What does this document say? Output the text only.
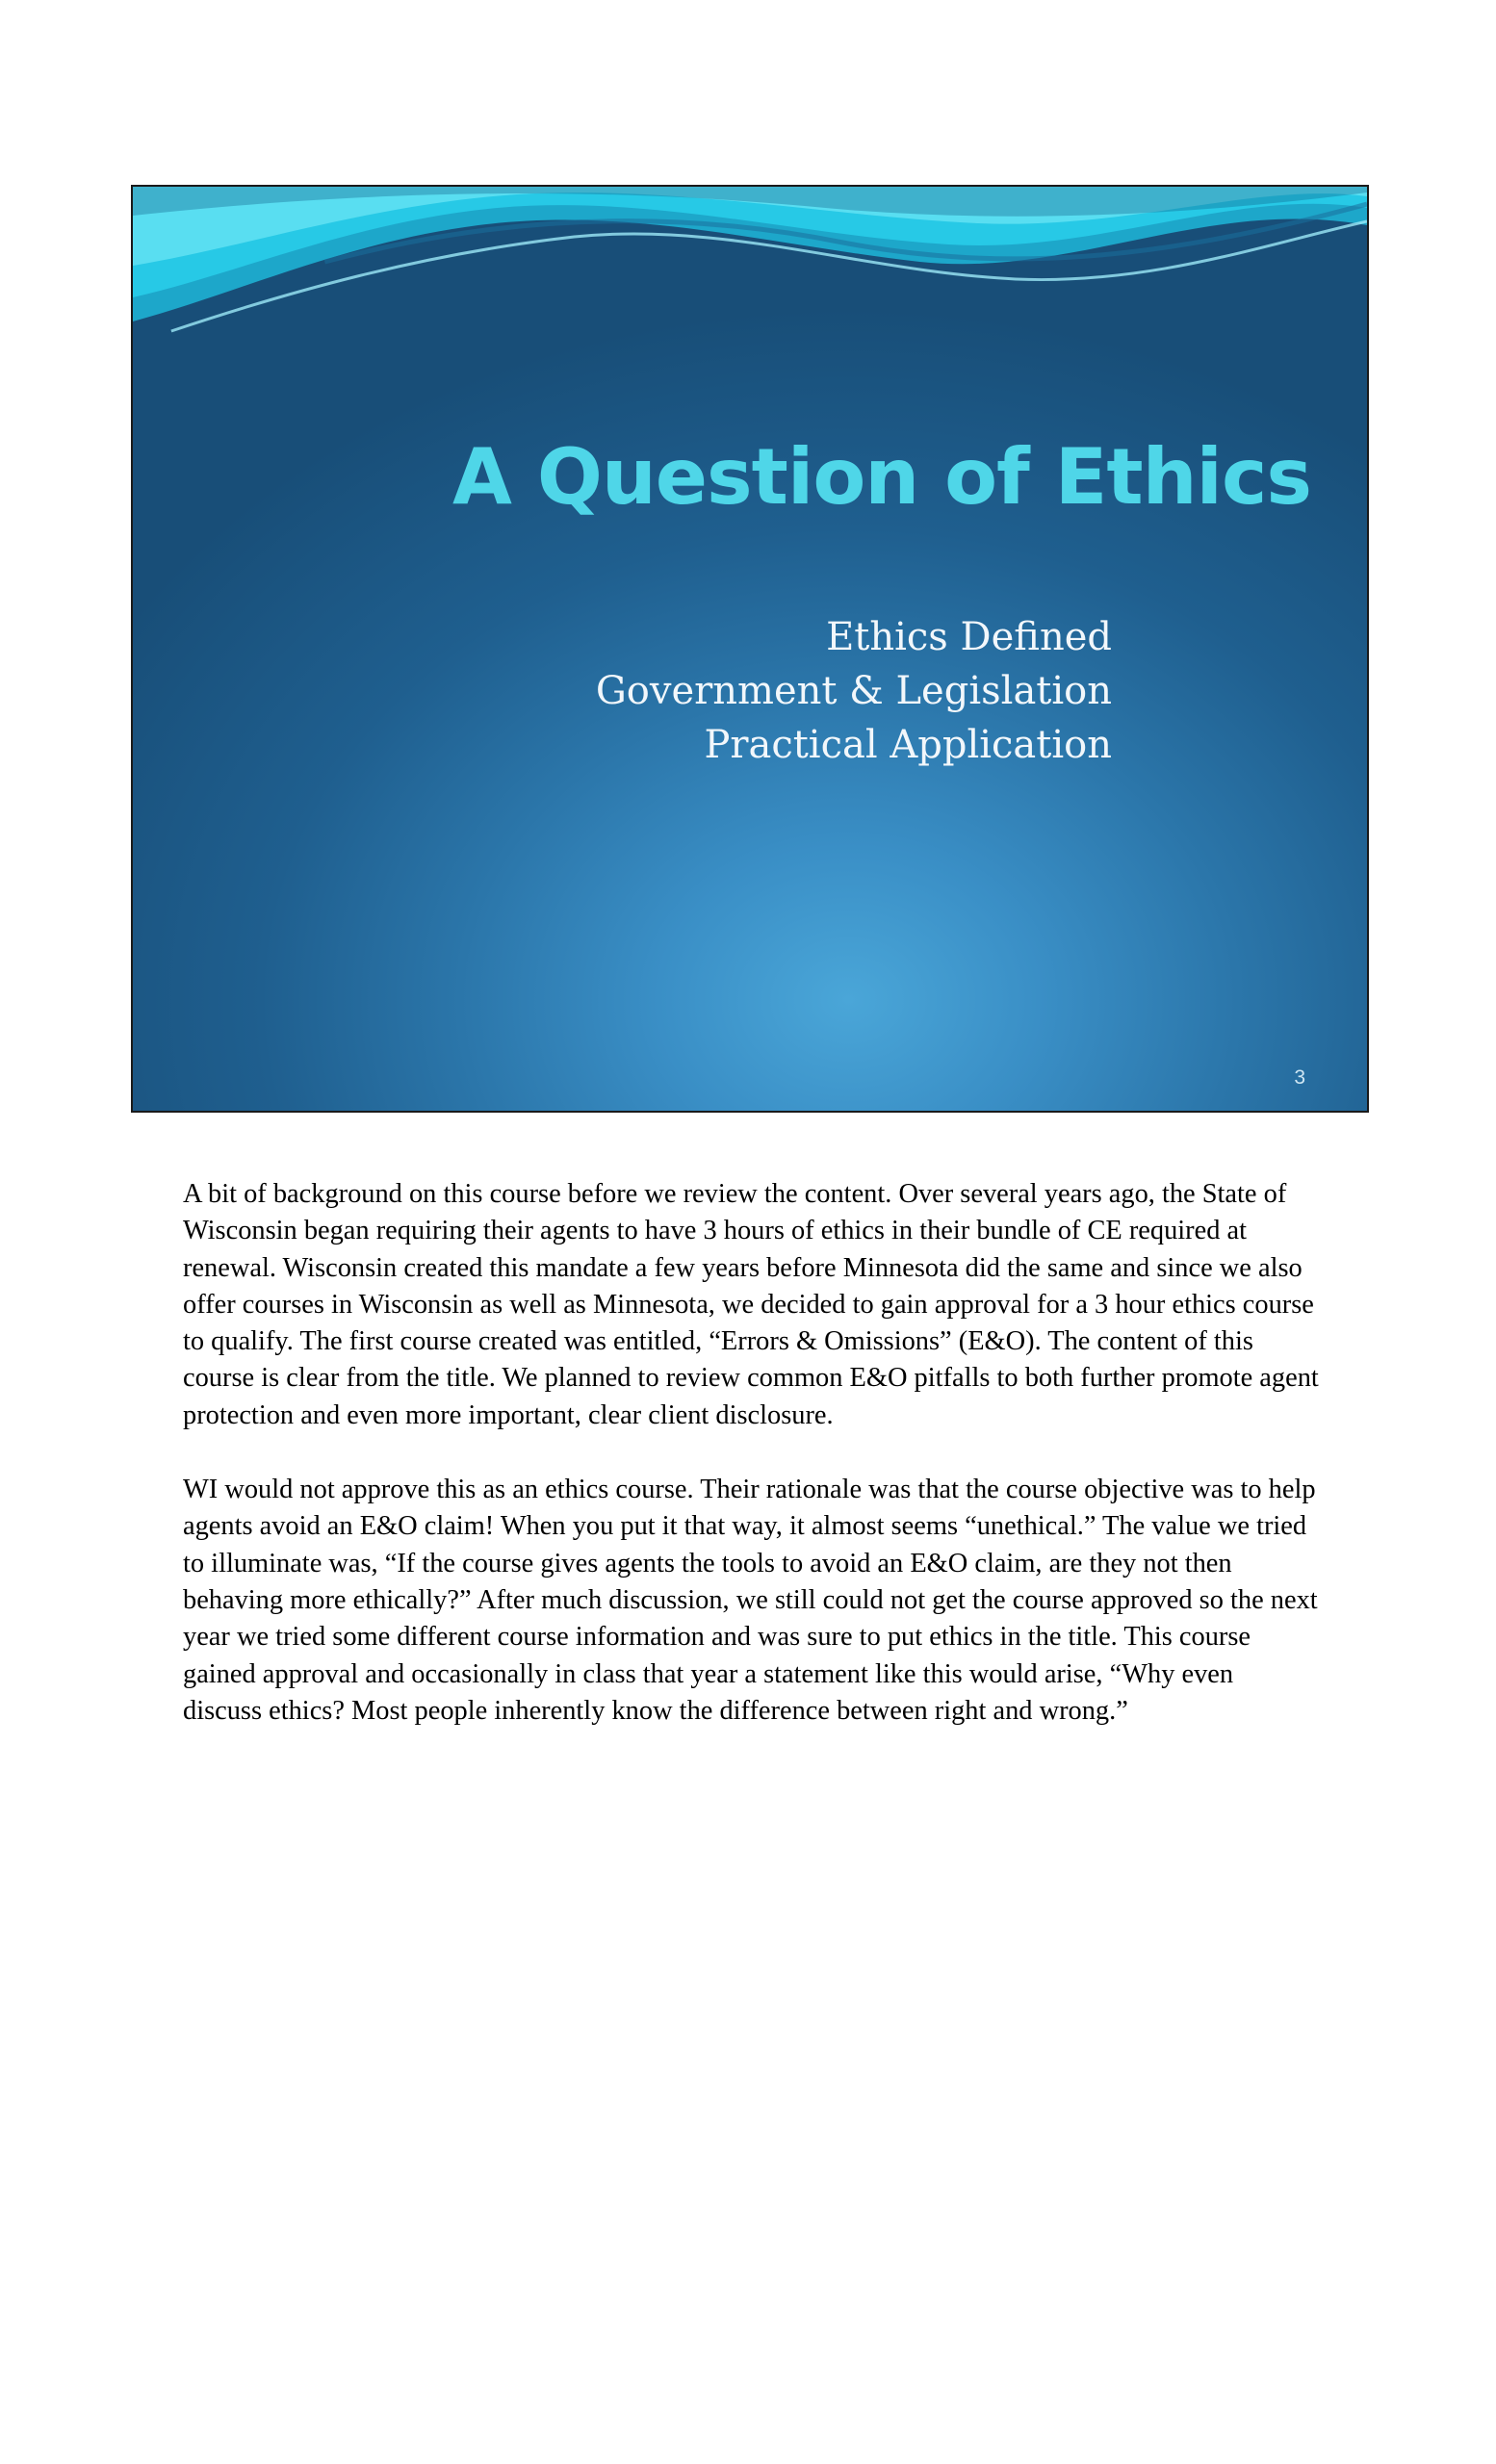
A Question of Ethics
Ethics Defined
Government & Legislation
Practical Application
3

A bit of background on this course before we review the content. Over several years ago, the State of Wisconsin began requiring their agents to have 3 hours of ethics in their bundle of CE required at renewal. Wisconsin created this mandate a few years before Minnesota did the same and since we also offer courses in Wisconsin as well as Minnesota, we decided to gain approval for a 3 hour ethics course to qualify. The first course created was entitled, “Errors & Omissions” (E&O). The content of this course is clear from the title. We planned to review common E&O pitfalls to both further promote agent protection and even more important, clear client disclosure.

WI would not approve this as an ethics course. Their rationale was that the course objective was to help agents avoid an E&O claim! When you put it that way, it almost seems “unethical.” The value we tried to illuminate was, “If the course gives agents the tools to avoid an E&O claim, are they not then behaving more ethically?” After much discussion, we still could not get the course approved so the next year we tried some different course information and was sure to put ethics in the title. This course gained approval and occasionally in class that year a statement like this would arise, “Why even discuss ethics? Most people inherently know the difference between right and wrong.”
